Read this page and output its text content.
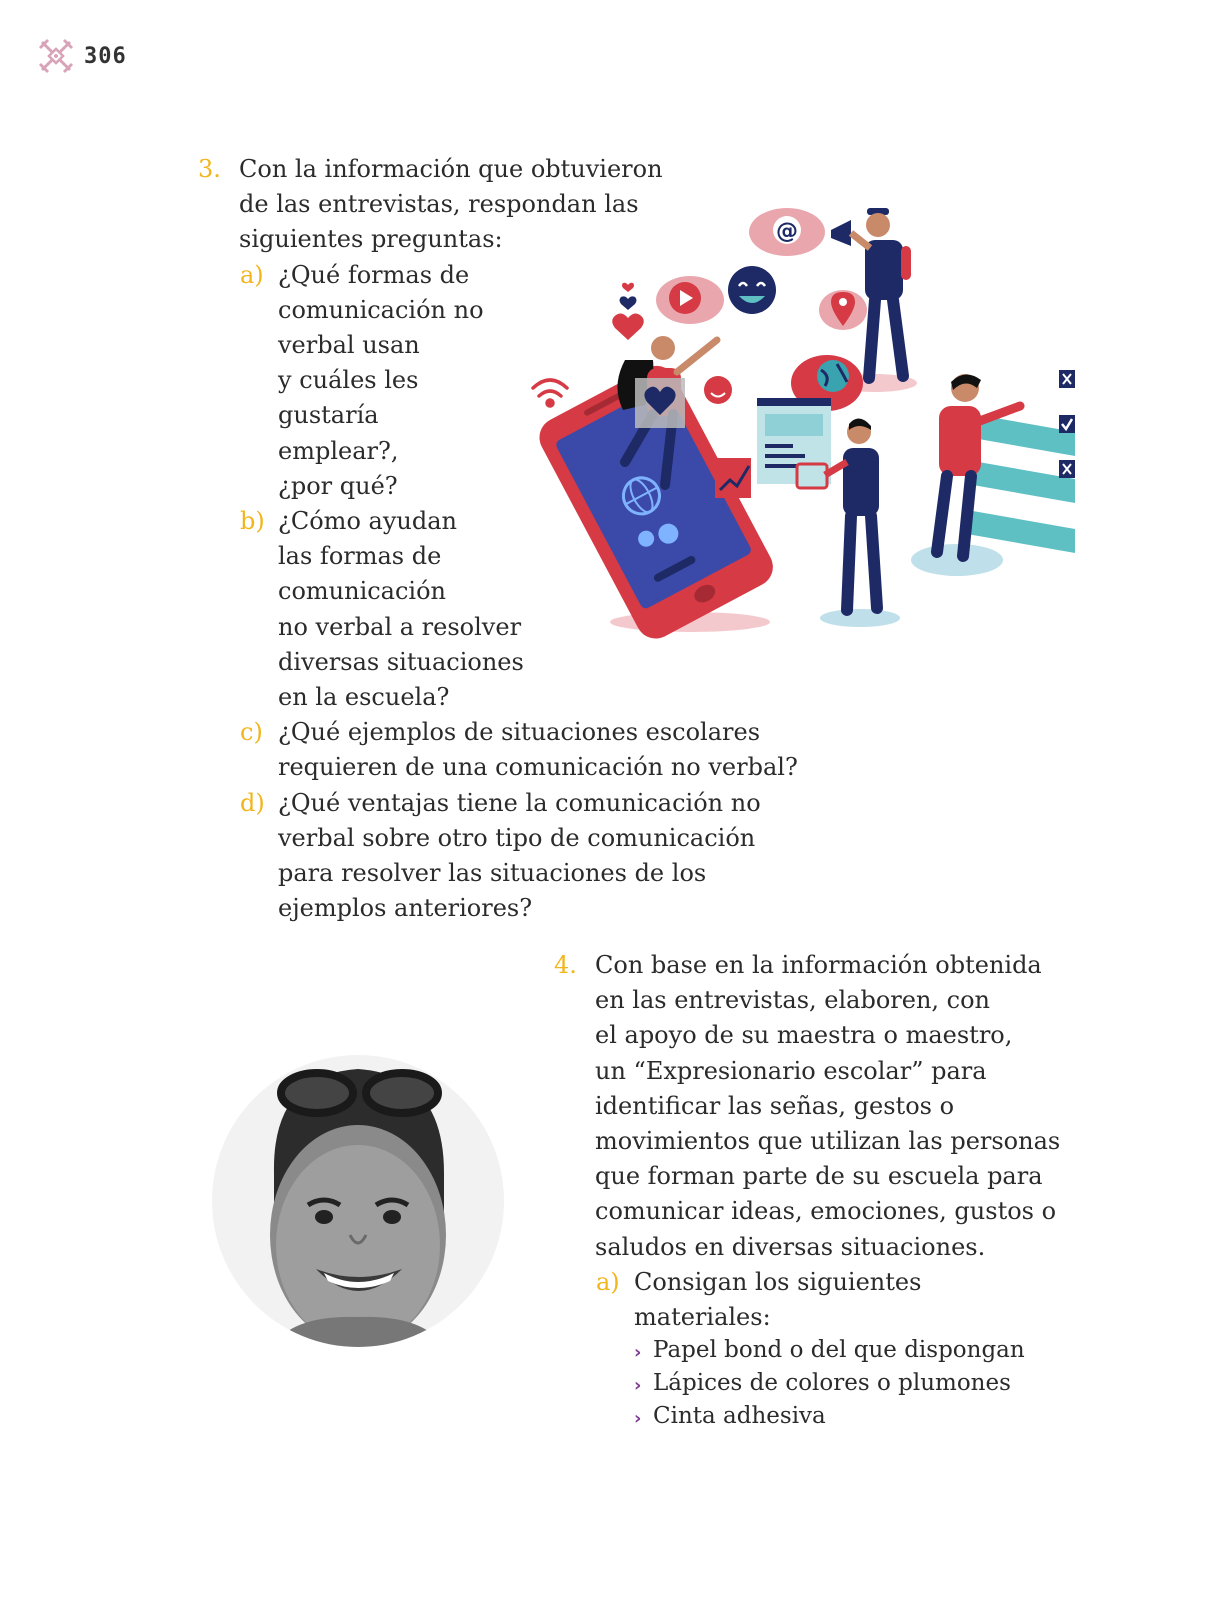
306
3. Con la información que obtuvieron
de las entrevistas, respondan las
siguientes preguntas:
a) ¿Qué formas de
comunicación no
verbal usan
y cuáles les
gustaría
emplear?,
¿por qué?
b) ¿Cómo ayudan
las formas de
comunicación
no verbal a resolver
diversas situaciones
en la escuela?
c) ¿Qué ejemplos de situaciones escolares
requieren de una comunicación no verbal?
d) ¿Qué ventajas tiene la comunicación no
verbal sobre otro tipo de comunicación
para resolver las situaciones de los
ejemplos anteriores?
@
4. Con base en la información obtenida
en las entrevistas, elaboren, con
el apoyo de su maestra o maestro,
un “Expresionario escolar” para
identificar las señas, gestos o
movimientos que utilizan las personas
que forman parte de su escuela para
comunicar ideas, emociones, gustos o
saludos en diversas situaciones.
a) Consigan los siguientes
materiales:
› Papel bond o del que dispongan
› Lápices de colores o plumones
› Cinta adhesiva
